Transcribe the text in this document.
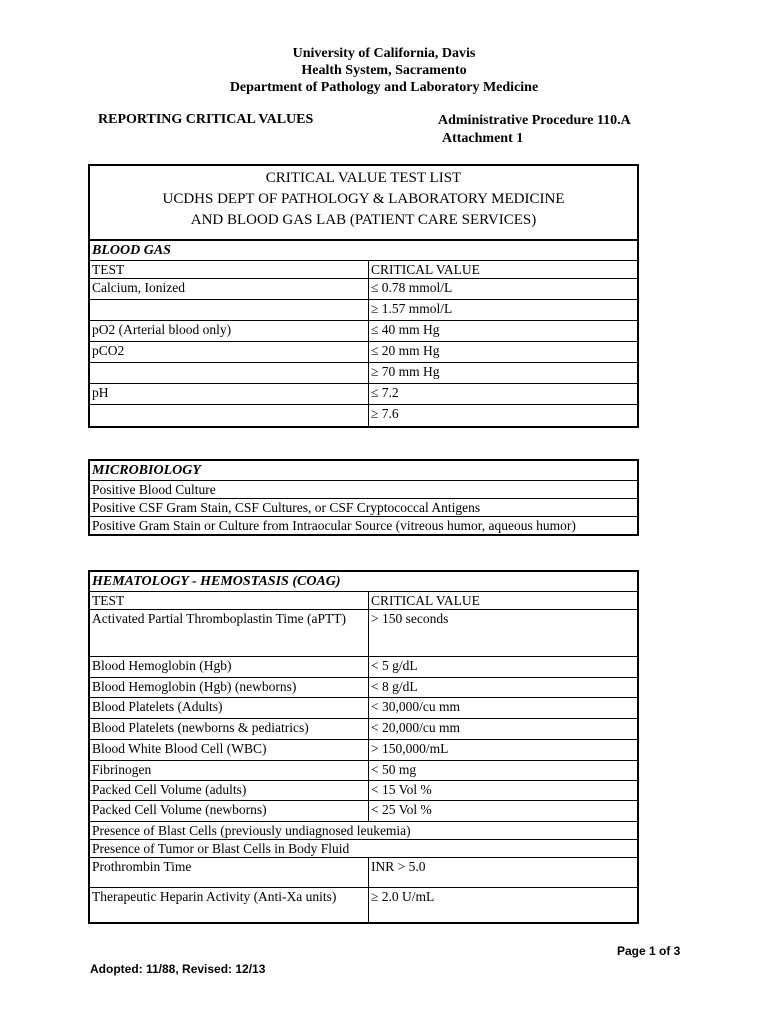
University of California, Davis
Health System, Sacramento
Department of Pathology and Laboratory Medicine
REPORTING CRITICAL VALUES	Administrative Procedure 110.A
Attachment 1
CRITICAL VALUE TEST LIST
UCDHS DEPT OF PATHOLOGY & LABORATORY MEDICINE
AND BLOOD GAS LAB (PATIENT CARE SERVICES)
BLOOD GAS
TEST	CRITICAL VALUE
Calcium, Ionized	≤ 0.78 mmol/L
	≥ 1.57 mmol/L
pO2 (Arterial blood only)	≤ 40 mm Hg
pCO2	≤ 20 mm Hg
	≥ 70 mm Hg
pH	≤ 7.2
	≥ 7.6
MICROBIOLOGY
Positive Blood Culture
Positive CSF Gram Stain, CSF Cultures, or CSF Cryptococcal Antigens
Positive Gram Stain or Culture from Intraocular Source (vitreous humor, aqueous humor)
HEMATOLOGY - HEMOSTASIS (COAG)
TEST	CRITICAL VALUE
Activated Partial Thromboplastin Time (aPTT)	> 150 seconds
Blood Hemoglobin (Hgb)	< 5 g/dL
Blood Hemoglobin (Hgb) (newborns)	< 8 g/dL
Blood Platelets (Adults)	< 30,000/cu mm
Blood Platelets (newborns & pediatrics)	< 20,000/cu mm
Blood White Blood Cell (WBC)	> 150,000/mL
Fibrinogen	< 50 mg
Packed Cell Volume (adults)	< 15 Vol %
Packed Cell Volume (newborns)	< 25 Vol %
Presence of Blast Cells (previously undiagnosed leukemia)	
Presence of Tumor or Blast Cells in Body Fluid	
Prothrombin Time	INR > 5.0
Therapeutic Heparin Activity (Anti-Xa units)	≥ 2.0 U/mL
Page 1 of 3
Adopted: 11/88, Revised: 12/13
